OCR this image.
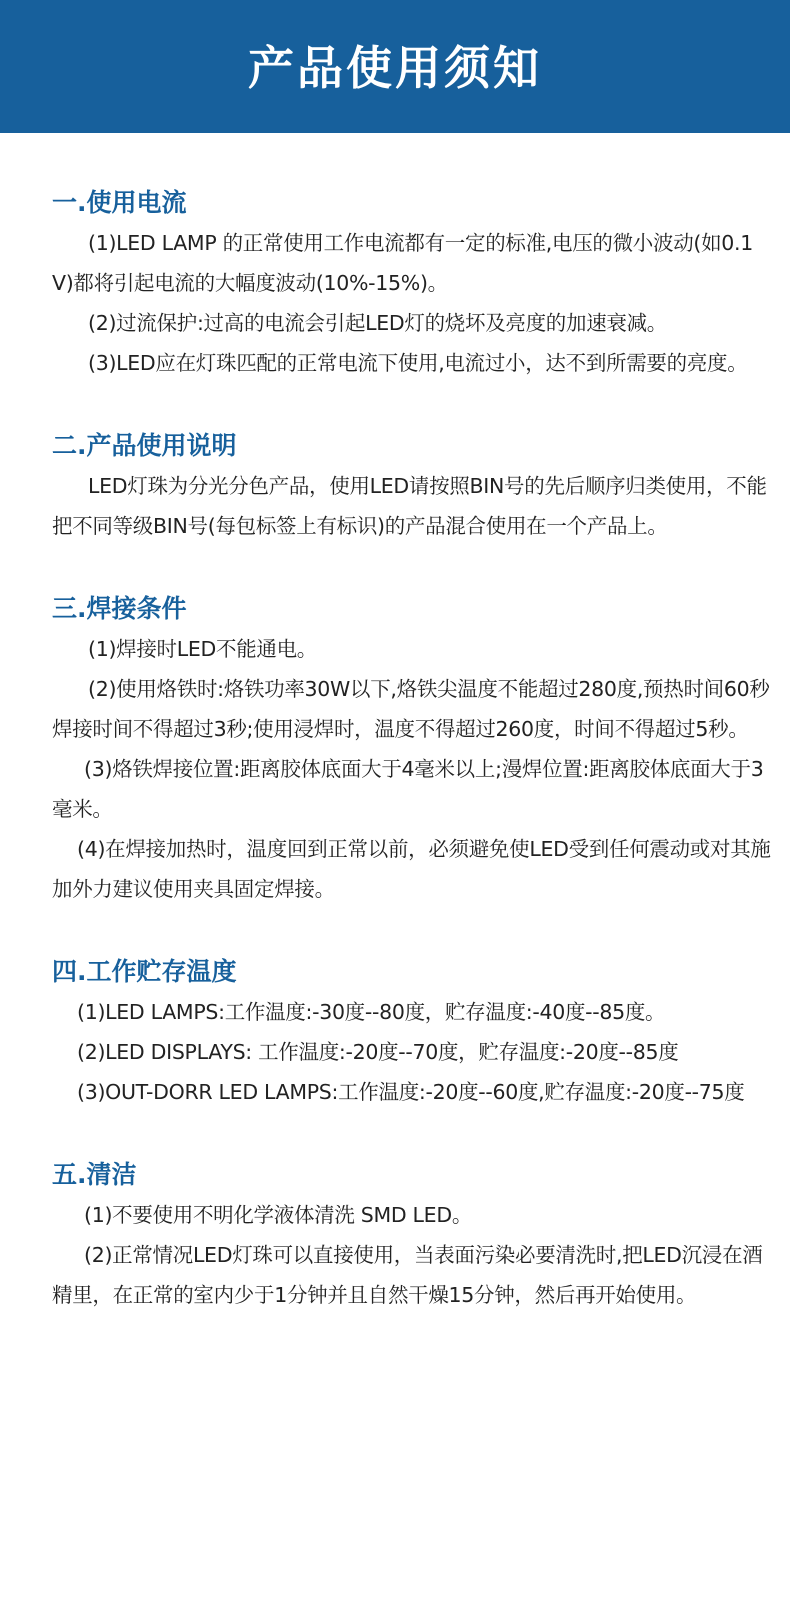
产品使用须知
一.使用电流

(1)LED LAMP 的正常使用工作电流都有一定的标准,电压的微小波动(如0.1V)都将引起电流的大幅度波动(10%-15%)。

(2)过流保护:过高的电流会引起LED灯的烧坏及亮度的加速衰减。

(3)LED应在灯珠匹配的正常电流下使用,电流过小，达不到所需要的亮度。

二.产品使用说明

LED灯珠为分光分色产品，使用LED请按照BIN号的先后顺序归类使用，不能把不同等级BIN号(每包标签上有标识)的产品混合使用在一个产品上。

三.焊接条件

(1)焊接时LED不能通电。

(2)使用烙铁时:烙铁功率30W以下,烙铁尖温度不能超过280度,预热时间60秒焊接时间不得超过3秒;使用浸焊时，温度不得超过260度，时间不得超过5秒。

(3)烙铁焊接位置:距离胶体底面大于4毫米以上;漫焊位置:距离胶体底面大于3毫米。

(4)在焊接加热时，温度回到正常以前，必须避免使LED受到任何震动或对其施加外力建议使用夹具固定焊接。

四.工作贮存温度

(1)LED LAMPS:工作温度:-30度--80度，贮存温度:-40度--85度。

(2)LED DISPLAYS: 工作温度:-20度--70度，贮存温度:-20度--85度

(3)OUT-DORR LED LAMPS:工作温度:-20度--60度,贮存温度:-20度--75度

五.清洁

(1)不要使用不明化学液体清洗 SMD LED。

(2)正常情况LED灯珠可以直接使用，当表面污染必要清洗时,把LED沉浸在酒精里，在正常的室内少于1分钟并且自然干燥15分钟，然后再开始使用。
